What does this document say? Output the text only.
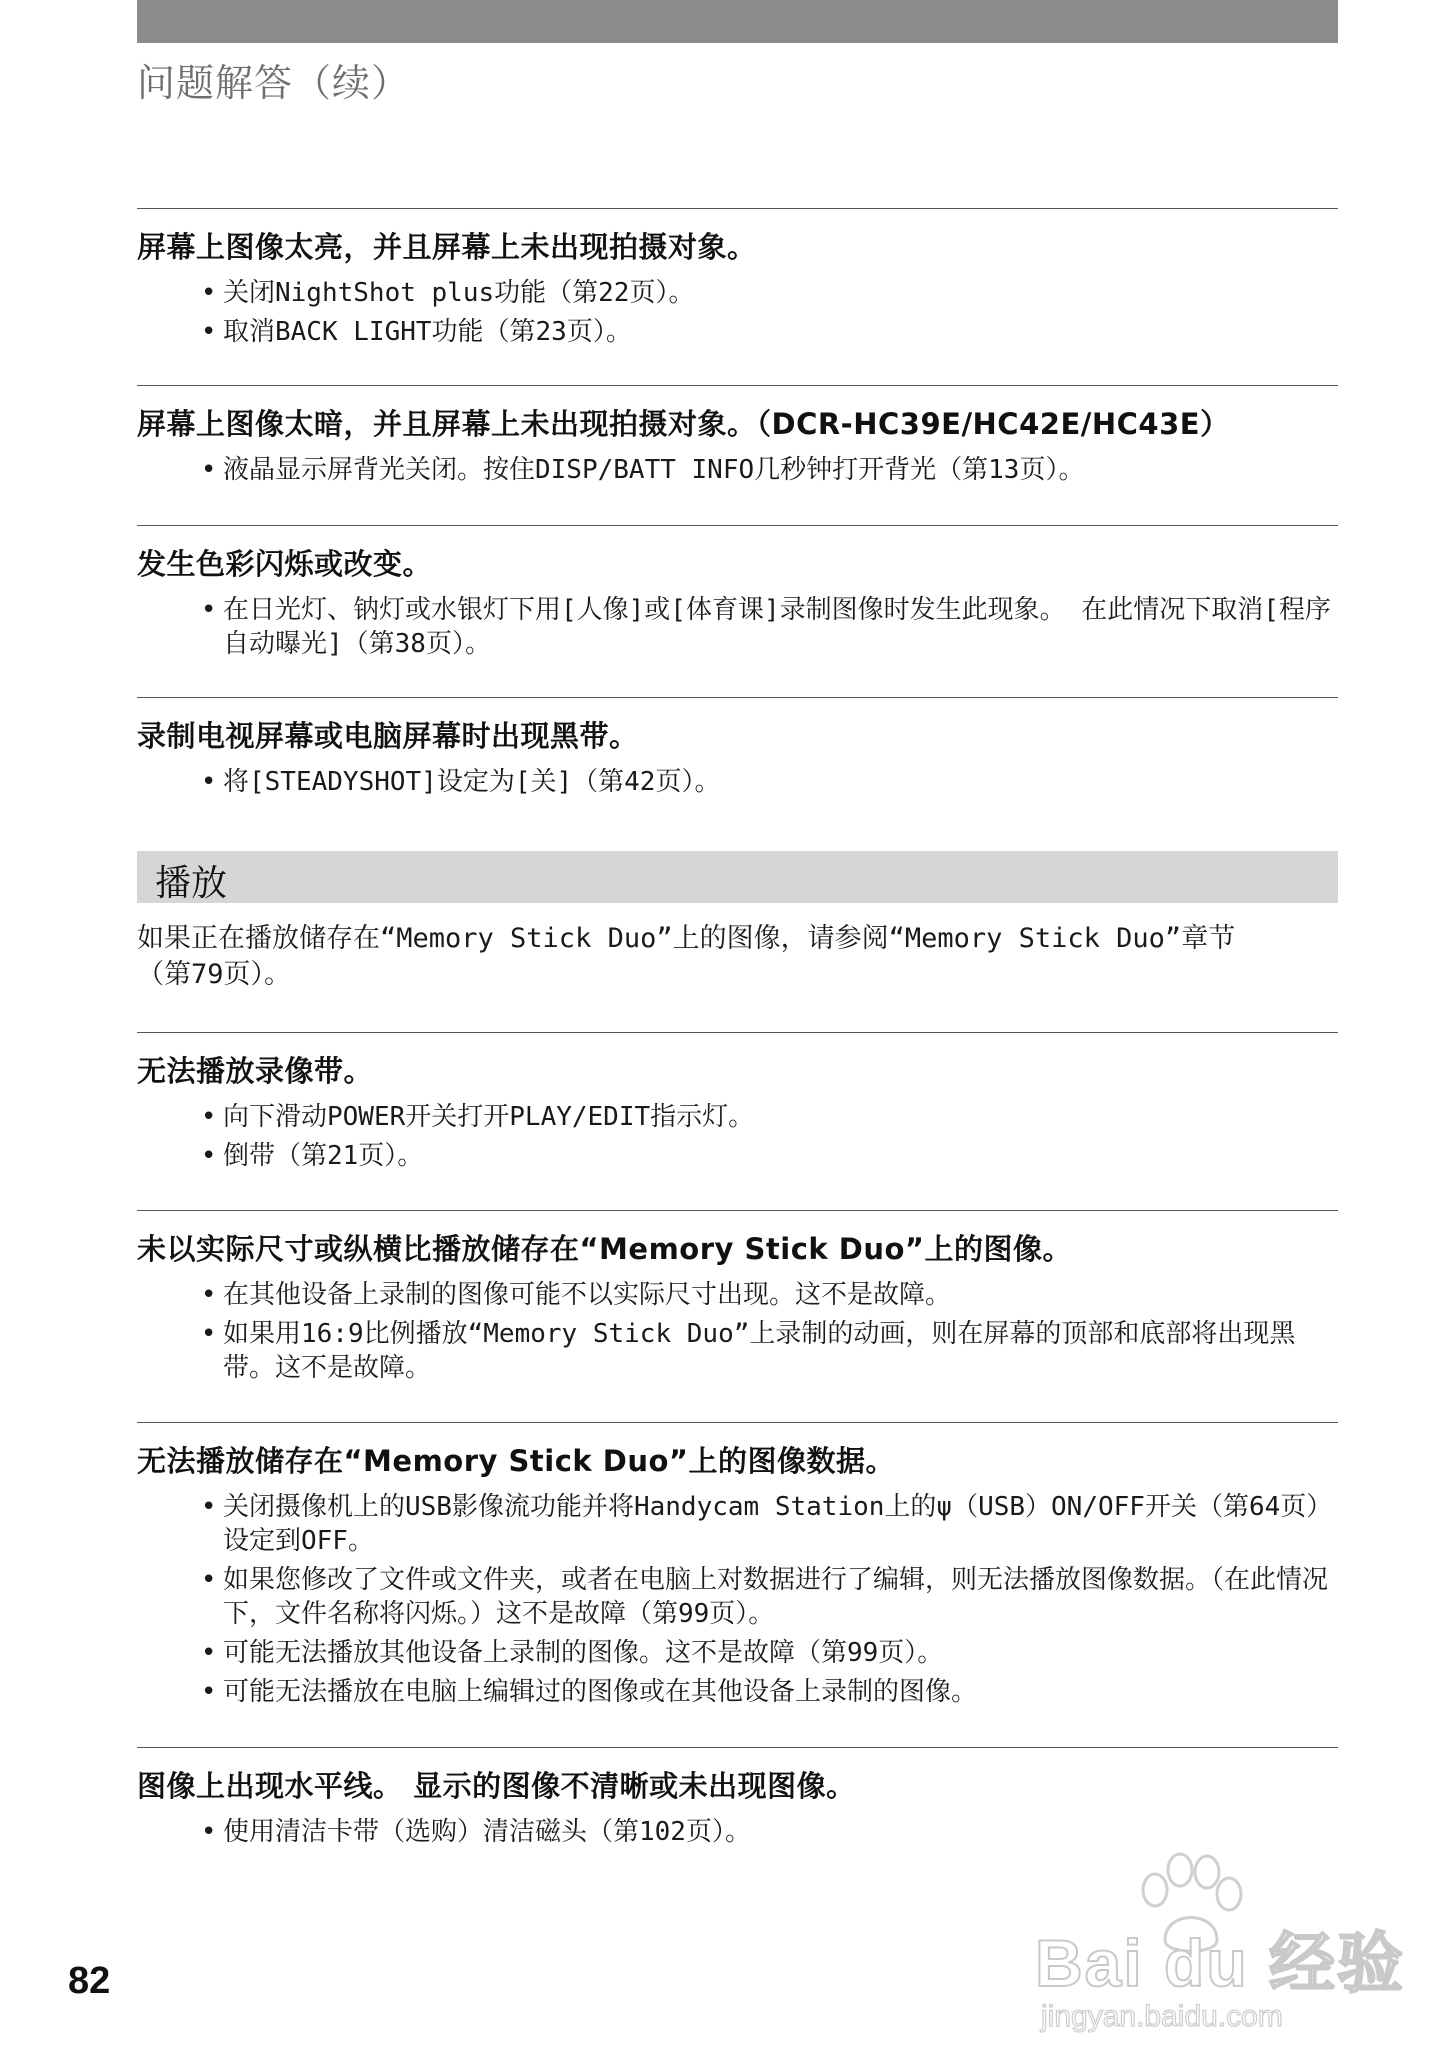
问题解答（续）
屏幕上图像太亮，并且屏幕上未出现拍摄对象。
• 关闭NightShot plus功能（第22页）。
• 取消BACK LIGHT功能（第23页）。
屏幕上图像太暗，并且屏幕上未出现拍摄对象。（DCR-HC39E/HC42E/HC43E）
• 液晶显示屏背光关闭。按住DISP/BATT INFO几秒钟打开背光（第13页）。
发生色彩闪烁或改变。
• 在日光灯、钠灯或水银灯下用[人像]或[体育课]录制图像时发生此现象。 在此情况下取消[程序自动曝光]（第38页）。
录制电视屏幕或电脑屏幕时出现黑带。
• 将[STEADYSHOT]设定为[关]（第42页）。
无法播放录像带。
• 向下滑动POWER开关打开PLAY/EDIT指示灯。
• 倒带（第21页）。
未以实际尺寸或纵横比播放储存在“Memory Stick Duo”上的图像。
• 在其他设备上录制的图像可能不以实际尺寸出现。这不是故障。
• 如果用16:9比例播放“Memory Stick Duo”上录制的动画，则在屏幕的顶部和底部将出现黑带。这不是故障。
无法播放储存在“Memory Stick Duo”上的图像数据。
• 关闭摄像机上的USB影像流功能并将Handycam Station上的ψ（USB）ON/OFF开关（第64页）设定到OFF。
• 如果您修改了文件或文件夹，或者在电脑上对数据进行了编辑，则无法播放图像数据。（在此情况下，文件名称将闪烁。）这不是故障（第99页）。
• 可能无法播放其他设备上录制的图像。这不是故障（第99页）。
• 可能无法播放在电脑上编辑过的图像或在其他设备上录制的图像。
图像上出现水平线。 显示的图像不清晰或未出现图像。
• 使用清洁卡带（选购）清洁磁头（第102页）。
播放
如果正在播放储存在“Memory Stick Duo”上的图像，请参阅“Memory Stick Duo”章节（第79页）。
82	Bai du 经验
jingyan.baidu.com
